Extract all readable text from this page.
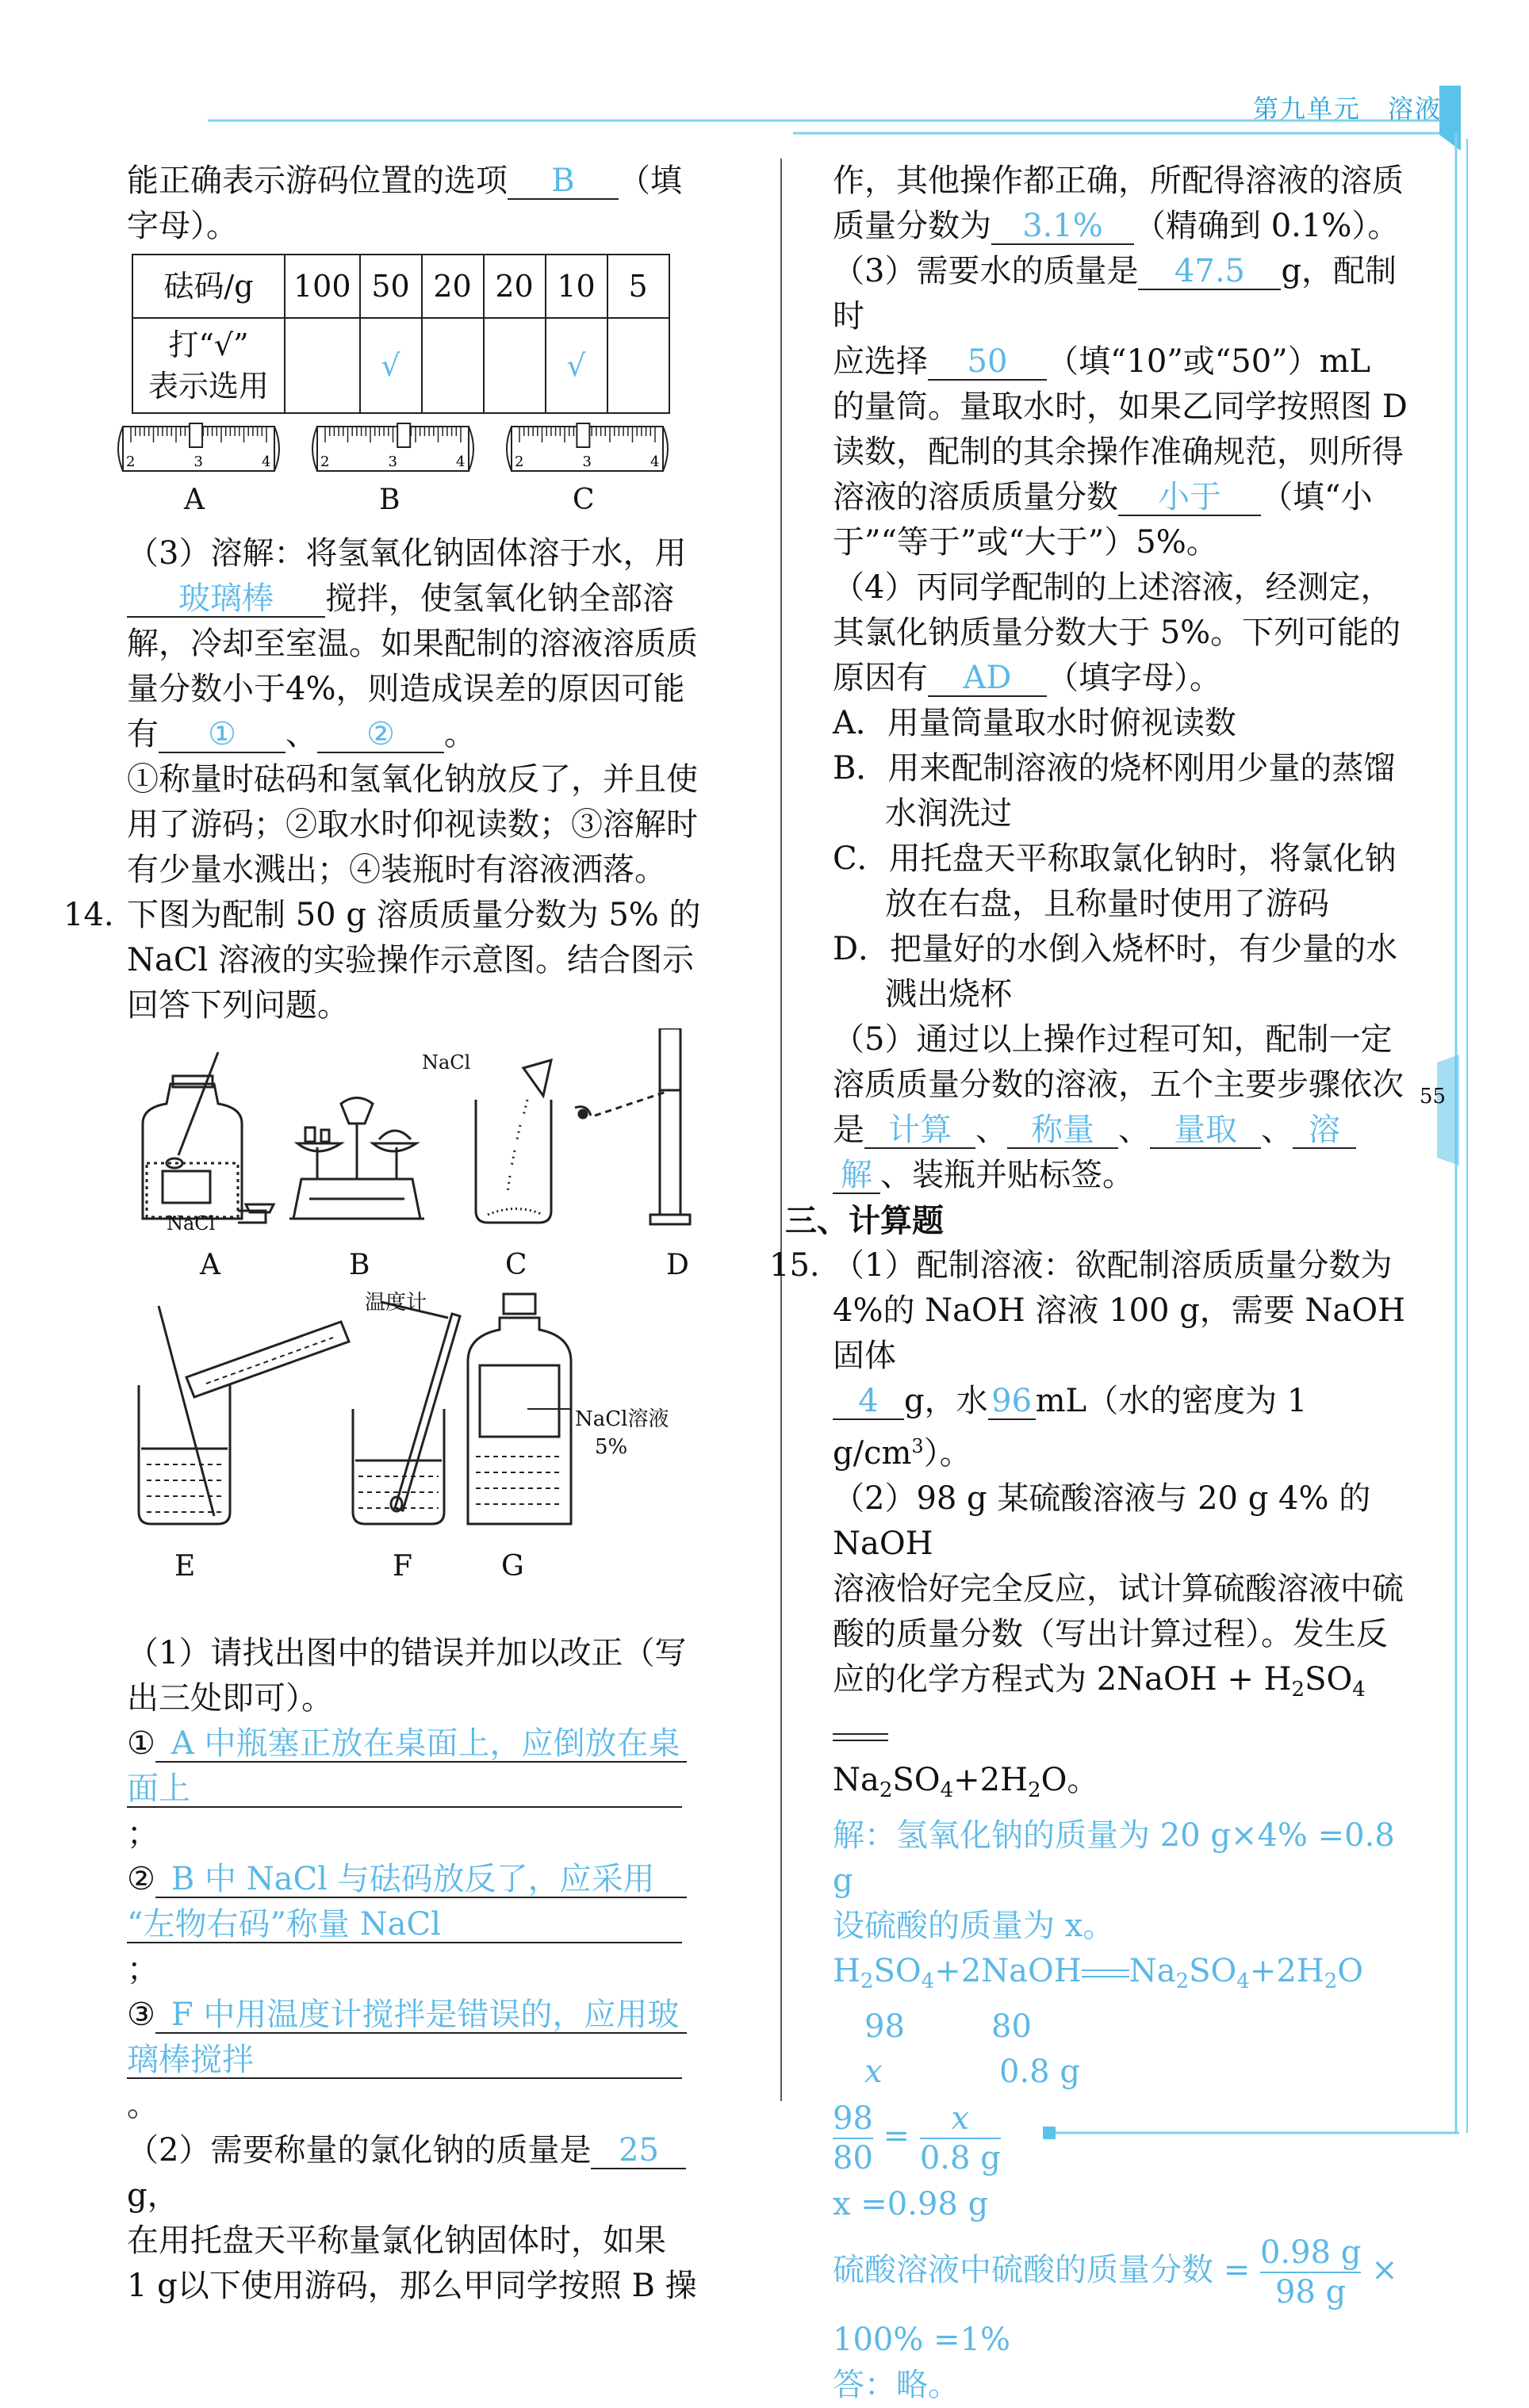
第九单元　溶液
55

能正确表示游码位置的选项 B （填

字母）。

砝码/g	100	50	20	20	10	5
打“√”
表示选用		√			√	
2	3	4	2	3	4	2	3	4
A	B	C

（3）溶解：将氢氧化钠固体溶于水，用

玻璃棒 搅拌，使氢氧化钠全部溶

解，冷却至室温。如果配制的溶液溶质质

量分数小于4%，则造成误差的原因可能

有 ① 、 ② 。

①称量时砝码和氢氧化钠放反了，并且使

用了游码；②取水时仰视读数；③溶解时

有少量水溅出；④装瓶时有溶液洒落。

14. 下图为配制 50 g 溶质质量分数为 5% 的

NaCl 溶液的实验操作示意图。结合图示

回答下列问题。

NaCl
NaCl
温度计
NaCl溶液
5%
A	B	C	D
E	F	G

（1）请找出图中的错误并加以改正（写

出三处即可）。

① A 中瓶塞正放在桌面上，应倒放在桌

面上；

② B 中 NaCl 与砝码放反了，应采用

“左物右码”称量 NaCl；

③ F 中用温度计搅拌是错误的，应用玻

璃棒搅拌。

（2）需要称量的氯化钠的质量是 25g，

在用托盘天平称量氯化钠固体时，如果

1 g以下使用游码，那么甲同学按照 B 操

作，其他操作都正确，所配得溶液的溶质

质量分数为 3.1% （精确到 0.1%）。

（3）需要水的质量是 47.5 g，配制时

应选择 50 （填“10”或“50”）mL

的量筒。量取水时，如果乙同学按照图 D

读数，配制的其余操作准确规范，则所得

溶液的溶质质量分数 小于 （填“小

于”“等于”或“大于”）5%。

（4）丙同学配制的上述溶液，经测定，

其氯化钠质量分数大于 5%。下列可能的

原因有 AD （填字母）。

A．用量筒量取水时俯视读数

B．用来配制溶液的烧杯刚用少量的蒸馏
水润洗过

C．用托盘天平称取氯化钠时，将氯化钠
放在右盘，且称量时使用了游码

D．把量好的水倒入烧杯时，有少量的水
溅出烧杯

（5）通过以上操作过程可知，配制一定

溶质质量分数的溶液，五个主要步骤依次

是 计算 、 称量 、 量取 、 溶

解 、装瓶并贴标签。

三、计算题

15. （1）配制溶液：欲配制溶质质量分数为

4%的 NaOH 溶液 100 g，需要 NaOH 固体

4 g，水 96 mL（水的密度为 1 $g/cm^3$）。

（2）98 g 某硫酸溶液与 20 g 4% 的 NaOH

溶液恰好完全反应，试计算硫酸溶液中硫

酸的质量分数（写出计算过程）。发生反

应的化学方程式为 2NaOH + $H_2SO_4$

$Na_2SO_4+2H_2O$。

解：氢氧化钠的质量为 20 g×4% =0.8 g

设硫酸的质量为 x。

$H_2SO_4+2NaOH$ $Na_2SO_4+2H_2O$

98	80

x	0.8 g

$\frac{98}{80} = \frac{x}{0.8 g}$

x =0.98 g

硫酸溶液中硫酸的质量分数 = $\frac{0.98 g}{98 g}$ ×

100% =1%

答：略。
